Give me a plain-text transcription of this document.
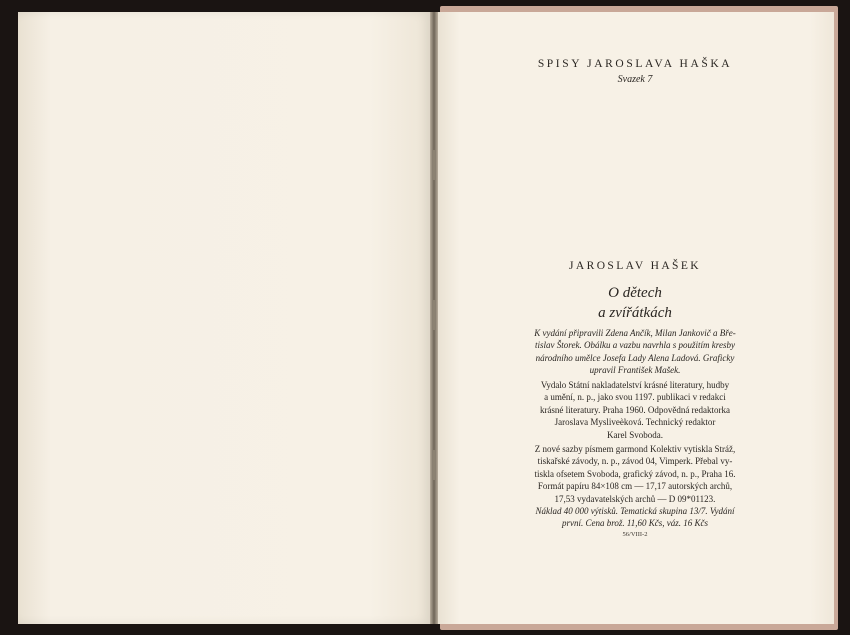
SPISY JAROSLAVA HAŠKA
Svazek 7
JAROSLAV HAŠEK
O dětech
a zvířátkách
K vydání připravili Zdena Ančík, Milan Jankovič a Bře-
tislav Štorek. Obálku a vazbu navrhla s použitím kresby
národního umělce Josefa Lady Alena Ladová. Graficky
upravil František Mašek.
Vydalo Státní nakladatelství krásné literatury, hudby
a umění, n. p., jako svou 1197. publikaci v redakci
krásné literatury. Praha 1960. Odpovědná redaktorka
Jaroslava Mysliveèková. Technický redaktor
Karel Svoboda.
Z nové sazby písmem garmond Kolektiv vytiskla Stráž,
tiskařské závody, n. p., závod 04, Vimperk. Přebal vy-
tiskla ofsetem Svoboda, grafický závod, n. p., Praha 16.
Formát papíru 84×108 cm — 17,17 autorských archů,
17,53 vydavatelských archů — D 09*01123.
Náklad 40 000 výtisků. Tematická skupina 13/7. Vydání
první. Cena brož. 11,60 Kčs, váz. 16 Kčs
56/VIII-2
